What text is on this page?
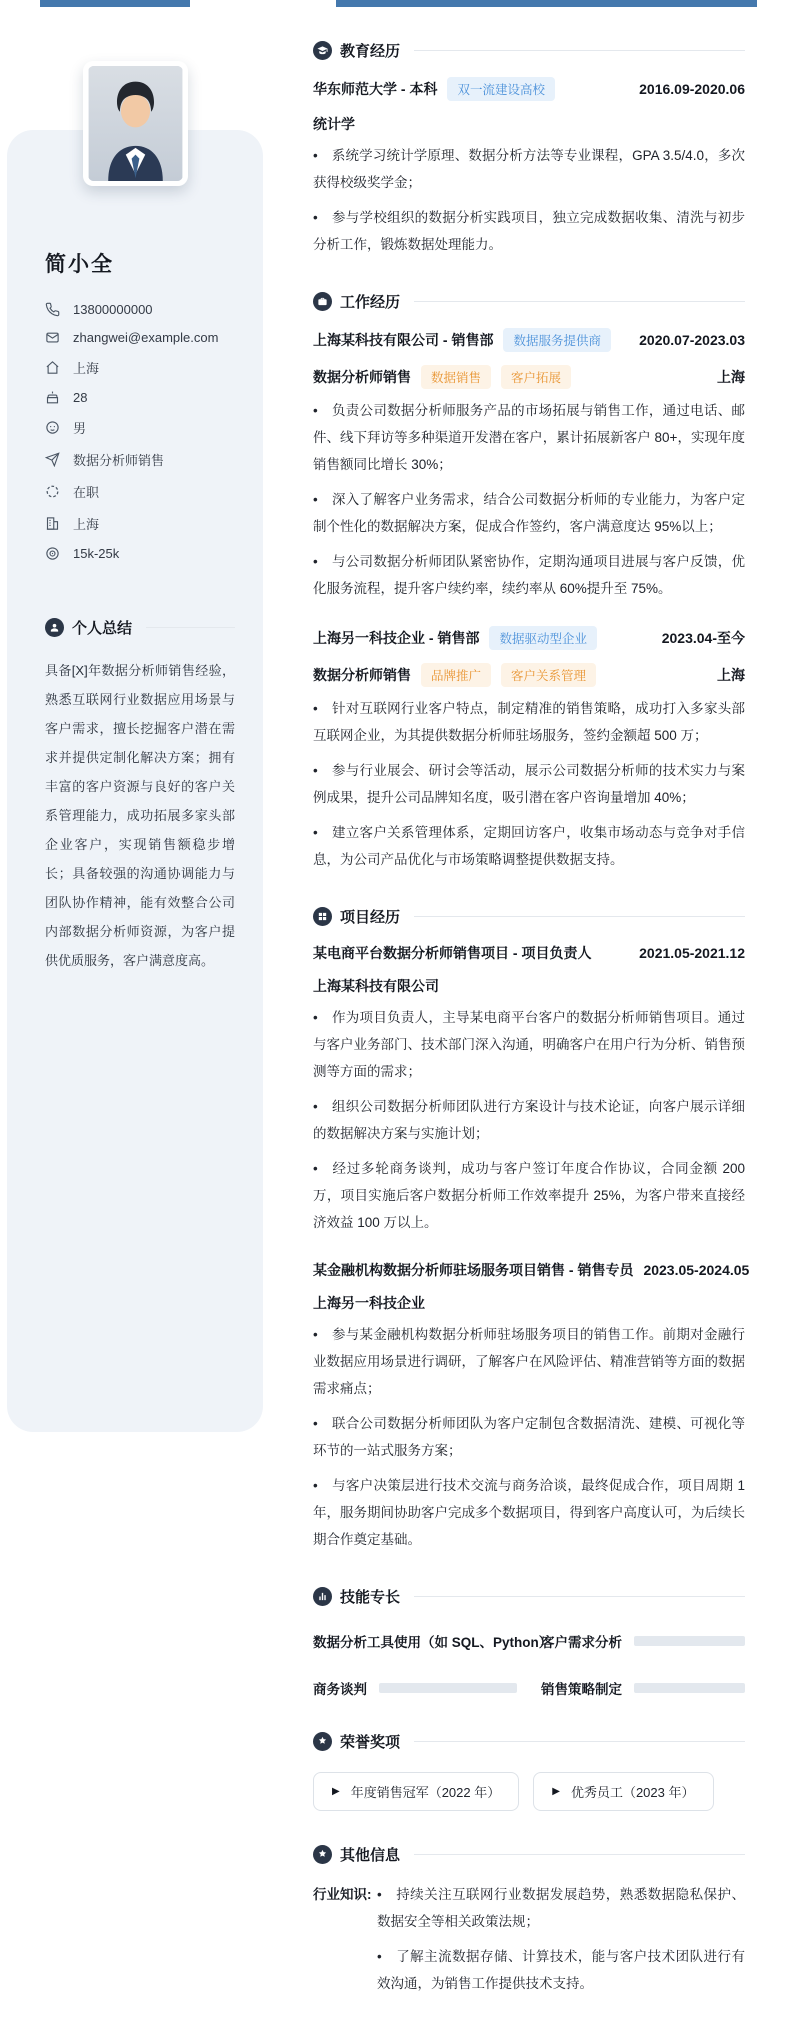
简小全
13800000000
zhangwei@example.com
上海
28
男
数据分析师销售
在职
上海
15k-25k
个人总结

具备[X]年数据分析师销售经验，熟悉互联网行业数据应用场景与客户需求，擅长挖掘客户潜在需求并提供定制化解决方案；拥有丰富的客户资源与良好的客户关系管理能力，成功拓展多家头部企业客户，实现销售额稳步增长；具备较强的沟通协调能力与团队协作精神，能有效整合公司内部数据分析师资源，为客户提供优质服务，客户满意度高。

教育经历
华东师范大学 - 本科	双一流建设高校	2016.09-2020.06
统计学
• 系统学习统计学原理、数据分析方法等专业课程，GPA 3.5/4.0，多次获得校级奖学金；
• 参与学校组织的数据分析实践项目，独立完成数据收集、清洗与初步分析工作，锻炼数据处理能力。
工作经历
上海某科技有限公司 - 销售部	数据服务提供商	2020.07-2023.03
数据分析师销售	数据销售	客户拓展	上海
• 负责公司数据分析师服务产品的市场拓展与销售工作，通过电话、邮件、线下拜访等多种渠道开发潜在客户，累计拓展新客户 80+，实现年度销售额同比增长 30%；
• 深入了解客户业务需求，结合公司数据分析师的专业能力，为客户定制个性化的数据解决方案，促成合作签约，客户满意度达 95%以上；
• 与公司数据分析师团队紧密协作，定期沟通项目进展与客户反馈，优化服务流程，提升客户续约率，续约率从 60%提升至 75%。
上海另一科技企业 - 销售部	数据驱动型企业	2023.04-至今
数据分析师销售	品牌推广	客户关系管理	上海
• 针对互联网行业客户特点，制定精准的销售策略，成功打入多家头部互联网企业，为其提供数据分析师驻场服务，签约金额超 500 万；
• 参与行业展会、研讨会等活动，展示公司数据分析师的技术实力与案例成果，提升公司品牌知名度，吸引潜在客户咨询量增加 40%；
• 建立客户关系管理体系，定期回访客户，收集市场动态与竞争对手信息，为公司产品优化与市场策略调整提供数据支持。
项目经历
某电商平台数据分析师销售项目 - 项目负责人	2021.05-2021.12
上海某科技有限公司
• 作为项目负责人，主导某电商平台客户的数据分析师销售项目。通过与客户业务部门、技术部门深入沟通，明确客户在用户行为分析、销售预测等方面的需求；
• 组织公司数据分析师团队进行方案设计与技术论证，向客户展示详细的数据解决方案与实施计划；
• 经过多轮商务谈判，成功与客户签订年度合作协议，合同金额 200 万，项目实施后客户数据分析师工作效率提升 25%，为客户带来直接经济效益 100 万以上。
某金融机构数据分析师驻场服务项目销售 - 销售专员 2023.05-2024.05
上海另一科技企业
• 参与某金融机构数据分析师驻场服务项目的销售工作。前期对金融行业数据应用场景进行调研，了解客户在风险评估、精准营销等方面的数据需求痛点；
• 联合公司数据分析师团队为客户定制包含数据清洗、建模、可视化等环节的一站式服务方案；
• 与客户决策层进行技术交流与商务洽谈，最终促成合作，项目周期 1 年，服务期间协助客户完成多个数据项目，得到客户高度认可，为后续长期合作奠定基础。
技能专长
数据分析工具使用（如 SQL、Python）
客户需求分析
商务谈判	销售策略制定
荣誉奖项
▶ 年度销售冠军（2022 年）	▶ 优秀员工（2023 年）
其他信息
行业知识:	• 持续关注互联网行业数据发展趋势，熟悉数据隐私保护、数据安全等相关政策法规；
• 了解主流数据存储、计算技术，能与客户技术团队进行有效沟通，为销售工作提供技术支持。
